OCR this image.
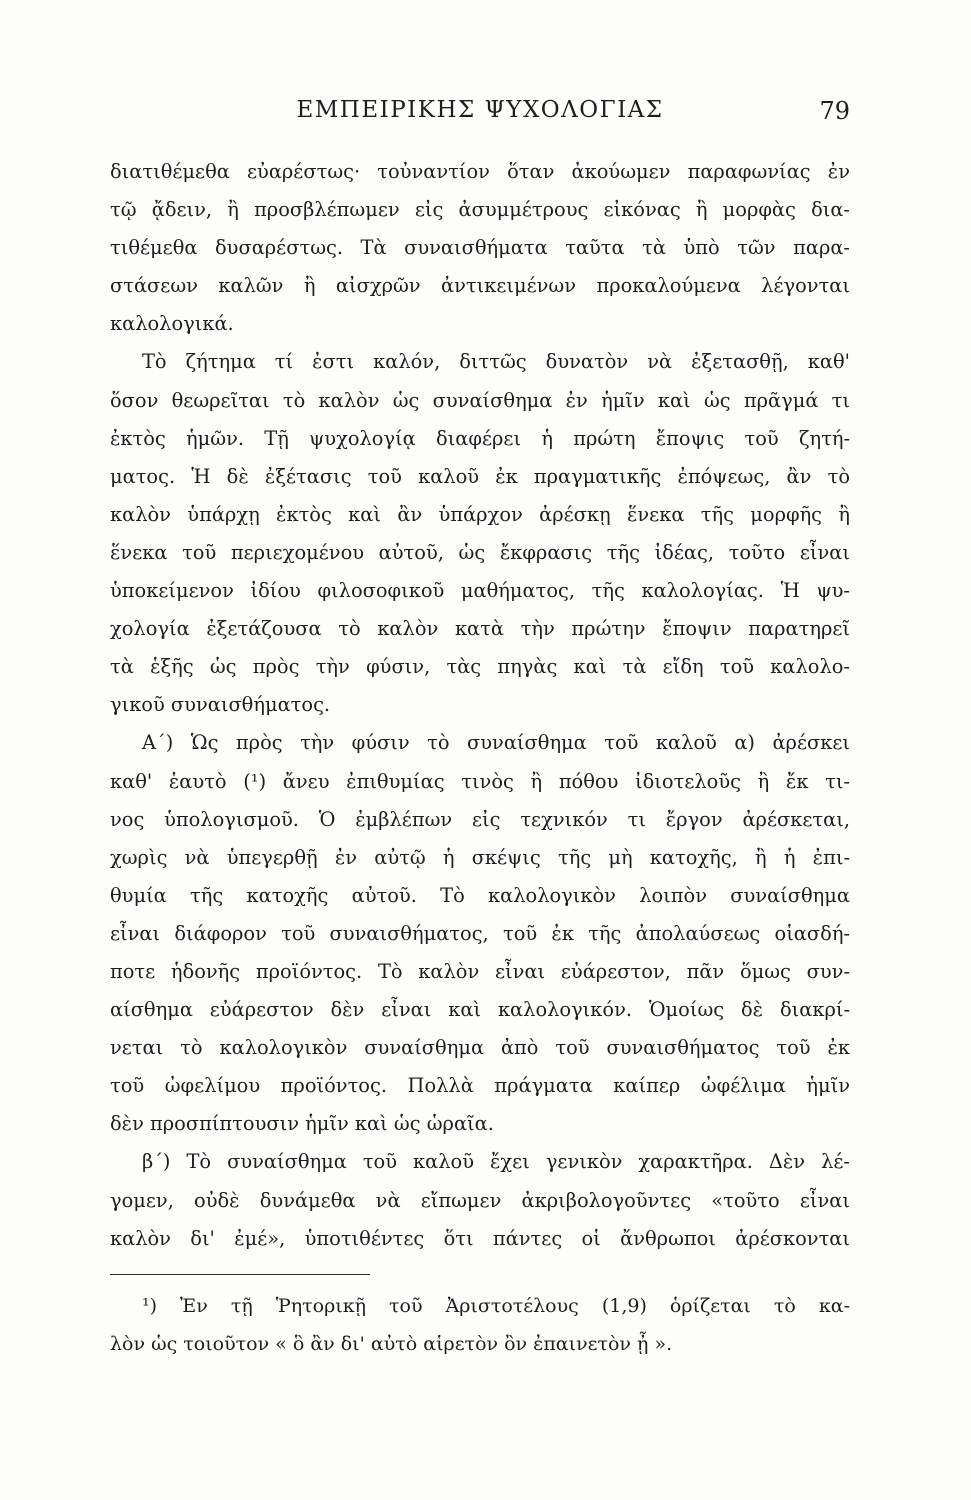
ΕΜΠΕΙΡΙΚΗΣ ΨΥΧΟΛΟΓΙΑΣ	79
διατιθέμεθα εὐαρέστως· τοὐναντίον ὅταν ἀκούωμεν παραφωνίας ἐν
τῷ ᾄδειν, ἢ προσβλέπωμεν εἰς ἀσυμμέτρους εἰκόνας ἢ μορφὰς δια-
τιθέμεθα δυσαρέστως. Τὰ συναισθήματα ταῦτα τὰ ὑπὸ τῶν παρα-
στάσεων καλῶν ἢ αἰσχρῶν ἀντικειμένων προκαλούμενα λέγονται
καλολογικά.
Τὸ ζήτημα τί ἐστι καλόν, διττῶς δυνατὸν νὰ ἐξετασθῇ, καθ'
ὅσον θεωρεῖται τὸ καλὸν ὡς συναίσθημα ἐν ἡμῖν καὶ ὡς πρᾶγμά τι
ἐκτὸς ἡμῶν. Τῇ ψυχολογίᾳ διαφέρει ἡ πρώτη ἔποψις τοῦ ζητή-
ματος. Ἡ δὲ ἐξέτασις τοῦ καλοῦ ἐκ πραγματικῆς ἐπόψεως, ἂν τὸ
καλὸν ὑπάρχῃ ἐκτὸς καὶ ἂν ὑπάρχον ἀρέσκῃ ἕνεκα τῆς μορφῆς ἢ
ἕνεκα τοῦ περιεχομένου αὐτοῦ, ὡς ἔκφρασις τῆς ἰδέας, τοῦτο εἶναι
ὑποκείμενον ἰδίου φιλοσοφικοῦ μαθήματος, τῆς καλολογίας. Ἡ ψυ-
χολογία ἐξετάζουσα τὸ καλὸν κατὰ τὴν πρώτην ἔποψιν παρατηρεῖ
τὰ ἑξῆς ὡς πρὸς τὴν φύσιν, τὰς πηγὰς καὶ τὰ εἴδη τοῦ καλολο-
γικοῦ συναισθήματος.
Α΄) Ὡς πρὸς τὴν φύσιν τὸ συναίσθημα τοῦ καλοῦ α) ἀρέσκει
καθ' ἑαυτὸ (¹) ἄνευ ἐπιθυμίας τινὸς ἢ πόθου ἰδιοτελοῦς ἢ ἔκ τι-
νος ὑπολογισμοῦ. Ὁ ἐμβλέπων εἰς τεχνικόν τι ἔργον ἀρέσκεται,
χωρὶς νὰ ὑπεγερθῇ ἐν αὐτῷ ἡ σκέψις τῆς μὴ κατοχῆς, ἢ ἡ ἐπι-
θυμία τῆς κατοχῆς αὐτοῦ. Τὸ καλολογικὸν λοιπὸν συναίσθημα
εἶναι διάφορον τοῦ συναισθήματος, τοῦ ἐκ τῆς ἀπολαύσεως οἱασδή-
ποτε ἡδονῆς προϊόντος. Τὸ καλὸν εἶναι εὐάρεστον, πᾶν ὅμως συν-
αίσθημα εὐάρεστον δὲν εἶναι καὶ καλολογικόν. Ὁμοίως δὲ διακρί-
νεται τὸ καλολογικὸν συναίσθημα ἀπὸ τοῦ συναισθήματος τοῦ ἐκ
τοῦ ὠφελίμου προϊόντος. Πολλὰ πράγματα καίπερ ὠφέλιμα ἡμῖν
δὲν προσπίπτουσιν ἡμῖν καὶ ὡς ὡραῖα.
β΄) Τὸ συναίσθημα τοῦ καλοῦ ἔχει γενικὸν χαρακτῆρα. Δὲν λέ-
γομεν, οὐδὲ δυνάμεθα νὰ εἴπωμεν ἀκριβολογοῦντες «τοῦτο εἶναι
καλὸν δι' ἐμέ», ὑποτιθέντες ὅτι πάντες οἱ ἄνθρωποι ἀρέσκονται
¹) Ἐν τῇ Ῥητορικῇ τοῦ Ἀριστοτέλους (1,9) ὁρίζεται τὸ κα-
λὸν ὡς τοιοῦτον « ὃ ἂν δι' αὐτὸ αἱρετὸν ὂν ἐπαινετὸν ᾖ ».
